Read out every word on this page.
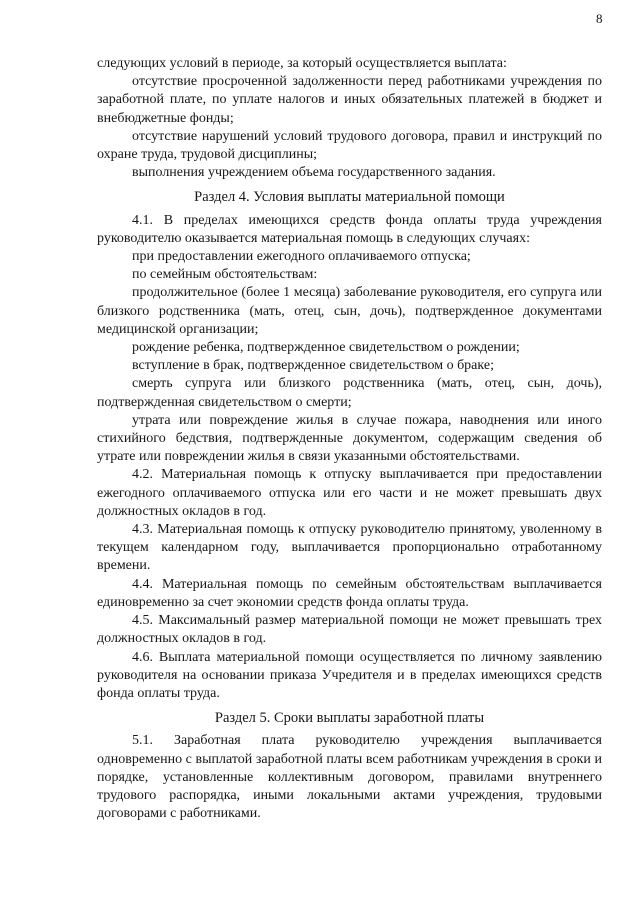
8

следующих условий в периоде, за который осуществляется выплата:

отсутствие просроченной задолженности перед работниками учреждения по заработной плате, по уплате налогов и иных обязательных платежей в бюджет и внебюджетные фонды;

отсутствие нарушений условий трудового договора, правил и инструкций по охране труда, трудовой дисциплины;

выполнения учреждением объема государственного задания.

Раздел 4. Условия выплаты материальной помощи

4.1. В пределах имеющихся средств фонда оплаты труда учреждения руководителю оказывается материальная помощь в следующих случаях:

при предоставлении ежегодного оплачиваемого отпуска;

по семейным обстоятельствам:

продолжительное (более 1 месяца) заболевание руководителя, его супруга или близкого родственника (мать, отец, сын, дочь), подтвержденное документами медицинской организации;

рождение ребенка, подтвержденное свидетельством о рождении;

вступление в брак, подтвержденное свидетельством о браке;

смерть супруга или близкого родственника (мать, отец, сын, дочь), подтвержденная свидетельством о смерти;

утрата или повреждение жилья в случае пожара, наводнения или иного стихийного бедствия, подтвержденные документом, содержащим сведения об утрате или повреждении жилья в связи указанными обстоятельствами.

4.2. Материальная помощь к отпуску выплачивается при предоставлении ежегодного оплачиваемого отпуска или его части и не может превышать двух должностных окладов в год.

4.3. Материальная помощь к отпуску руководителю принятому, уволенному в текущем календарном году, выплачивается пропорционально отработанному времени.

4.4. Материальная помощь по семейным обстоятельствам выплачивается единовременно за счет экономии средств фонда оплаты труда.

4.5. Максимальный размер материальной помощи не может превышать трех должностных окладов в год.

4.6. Выплата материальной помощи осуществляется по личному заявлению руководителя на основании приказа Учредителя и в пределах имеющихся средств фонда оплаты труда.

Раздел 5. Сроки выплаты заработной платы

5.1. Заработная плата руководителю учреждения выплачивается одновременно с выплатой заработной платы всем работникам учреждения в сроки и порядке, установленные коллективным договором, правилами внутреннего трудового распорядка, иными локальными актами учреждения, трудовыми договорами с работниками.
